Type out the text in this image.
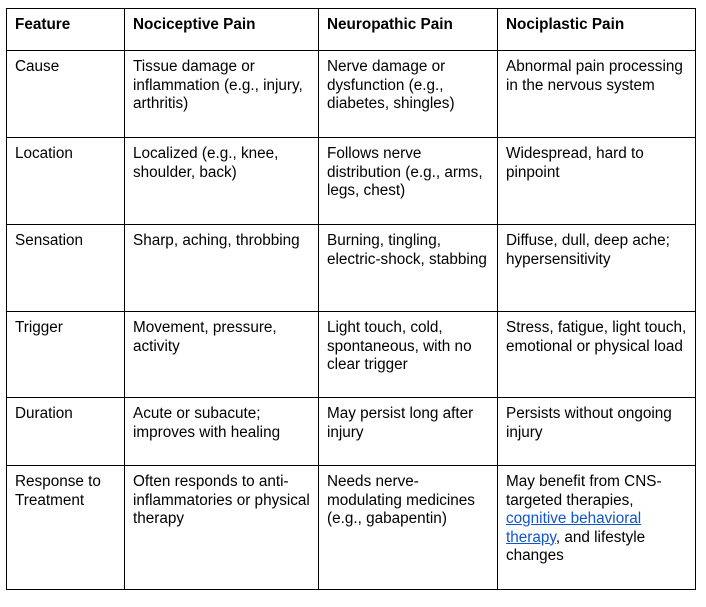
Feature	Nociceptive Pain	Neuropathic Pain	Nociplastic Pain
Cause	Tissue damage or inflammation (e.g., injury, arthritis)	Nerve damage or dysfunction (e.g., diabetes, shingles)	Abnormal pain processing in the nervous system
Location	Localized (e.g., knee, shoulder, back)	Follows nerve distribution (e.g., arms, legs, chest)	Widespread, hard to pinpoint
Sensation	Sharp, aching, throbbing	Burning, tingling, electric-shock, stabbing	Diffuse, dull, deep ache; hypersensitivity
Trigger	Movement, pressure, activity	Light touch, cold, spontaneous, with no clear trigger	Stress, fatigue, light touch, emotional or physical load
Duration	Acute or subacute; improves with healing	May persist long after injury	Persists without ongoing injury
Response to Treatment	Often responds to anti-inflammatories or physical therapy	Needs nerve-modulating medicines (e.g., gabapentin)	May benefit from CNS-targeted therapies, cognitive behavioral therapy, and lifestyle changes
